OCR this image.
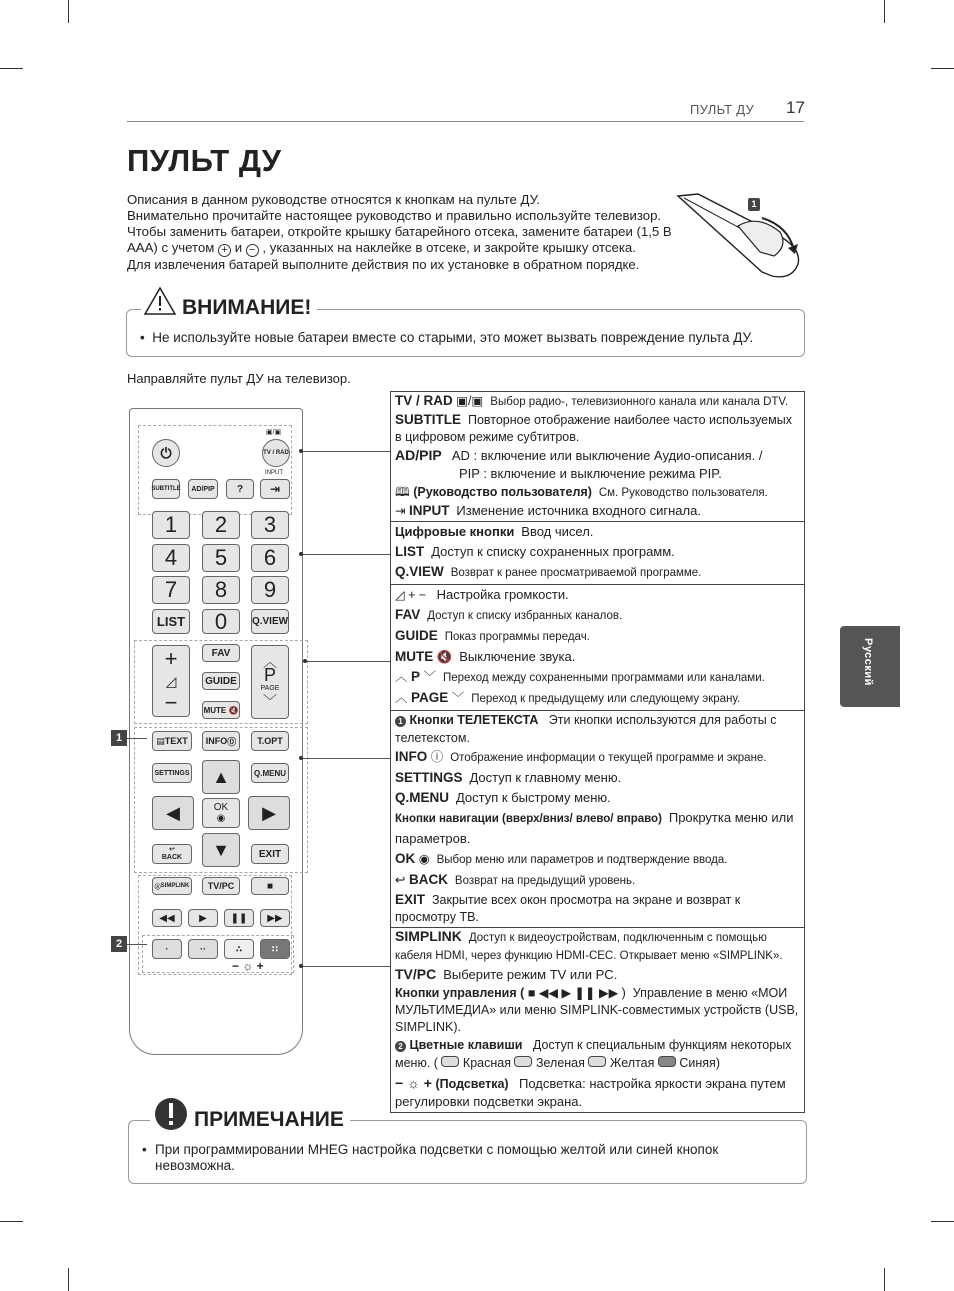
ПУЛЬТ ДУ 17
ПУЛЬТ ДУ
Описания в данном руководстве относятся к кнопкам на пульте ДУ.
Внимательно прочитайте настоящее руководство и правильно используйте телевизор.
Чтобы заменить батареи, откройте крышку батарейного отсека, замените батареи (1,5 В
AAA) с учетом + и − , указанных на наклейке в отсеке, и закройте крышку отсека.
Для извлечения батарей выполните действия по их установке в обратном порядке.
1
ВНИМАНИЕ!
•  Не используйте новые батареи вместе со старыми, это может вызвать повреждение пульта ДУ.
Русский
Направляйте пульт ДУ на телевизор.
▣/▣
⏻	TV / RAD
INPUT
SUBTITLE AD/PIP ?	⇥
1	2	3
4	5	6
7	8	9
LIST	0	Q.VIEW
+
◿
−
FAV
GUIDE
MUTE
🔇
︿
P
PAGE
﹀
▤ TEXT INFO ⓪	T.OPT
SETTINGS	Q.MENU
▲
◀	OK
◉ ▶
↩
BACK ▼	EXIT
Ⓢ SIMPLINK	TV/PC	■
◀◀ ▶ ❚❚ ▶▶
·	··	∴	∷
− ☼ +
1
2
TV / RAD ▣/▣ Выбор радио-, телевизионного канала или канала DTV.
SUBTITLE Повторное отображение наиболее часто используемых в цифровом режиме субтитров.
AD/PIP AD : включение или выключение Аудио-описания. /
PIP : включение и выключение режима PIP.
🕮 (Руководство пользователя) См. Руководство пользователя.
⇥ INPUT Изменение источника входного сигнала.
Цифровые кнопки Ввод чисел.
LIST Доступ к списку сохраненных программ.
Q.VIEW Возврат к ранее просматриваемой программе.
◿ + − Настройка громкости.
FAV Доступ к списку избранных каналов.
GUIDE Показ программы передач.
MUTE 🔇 Выключение звука.
︿ P ﹀ Переход между сохраненными программами или каналами.
︿ PAGE ﹀ Переход к предыдущему или следующему экрану.
1 Кнопки ТЕЛЕТЕКСТА Эти кнопки используются для работы с телетекстом.
INFO ⓘ Отображение информации о текущей программе и экране.
SETTINGS Доступ к главному меню.
Q.MENU Доступ к быстрому меню.
Кнопки навигации (вверх/вниз/ влево/ вправо) Прокрутка меню или параметров.
OK ◉ Выбор меню или параметров и подтверждение ввода.
↩ BACK Возврат на предыдущий уровень.
EXIT Закрытие всех окон просмотра на экране и возврат к просмотру ТВ.
SIMPLINK Доступ к видеоустройствам, подключенным с помощью кабеля HDMI, через функцию HDMI-CEC. Открывает меню «SIMPLINK».
TV/PC Выберите режим TV или PC.
Кнопки управления ( ■ ◀◀ ▶ ❚❚ ▶▶ ) Управление в меню «МОИ МУЛЬТИМЕДИА» или меню SIMPLINK-совместимых устройств (USB, SIMPLINK).
2 Цветные клавиши Доступ к специальным функциям некоторых меню. ( Красная Зеленая Желтая Синяя)
− ☼ + (Подсветка) Подсветка: настройка яркости экрана путем регулировки подсветки экрана.
ПРИМЕЧАНИЕ
• При программировании MHEG настройка подсветки с помощью желтой или синей кнопок невозможна.
